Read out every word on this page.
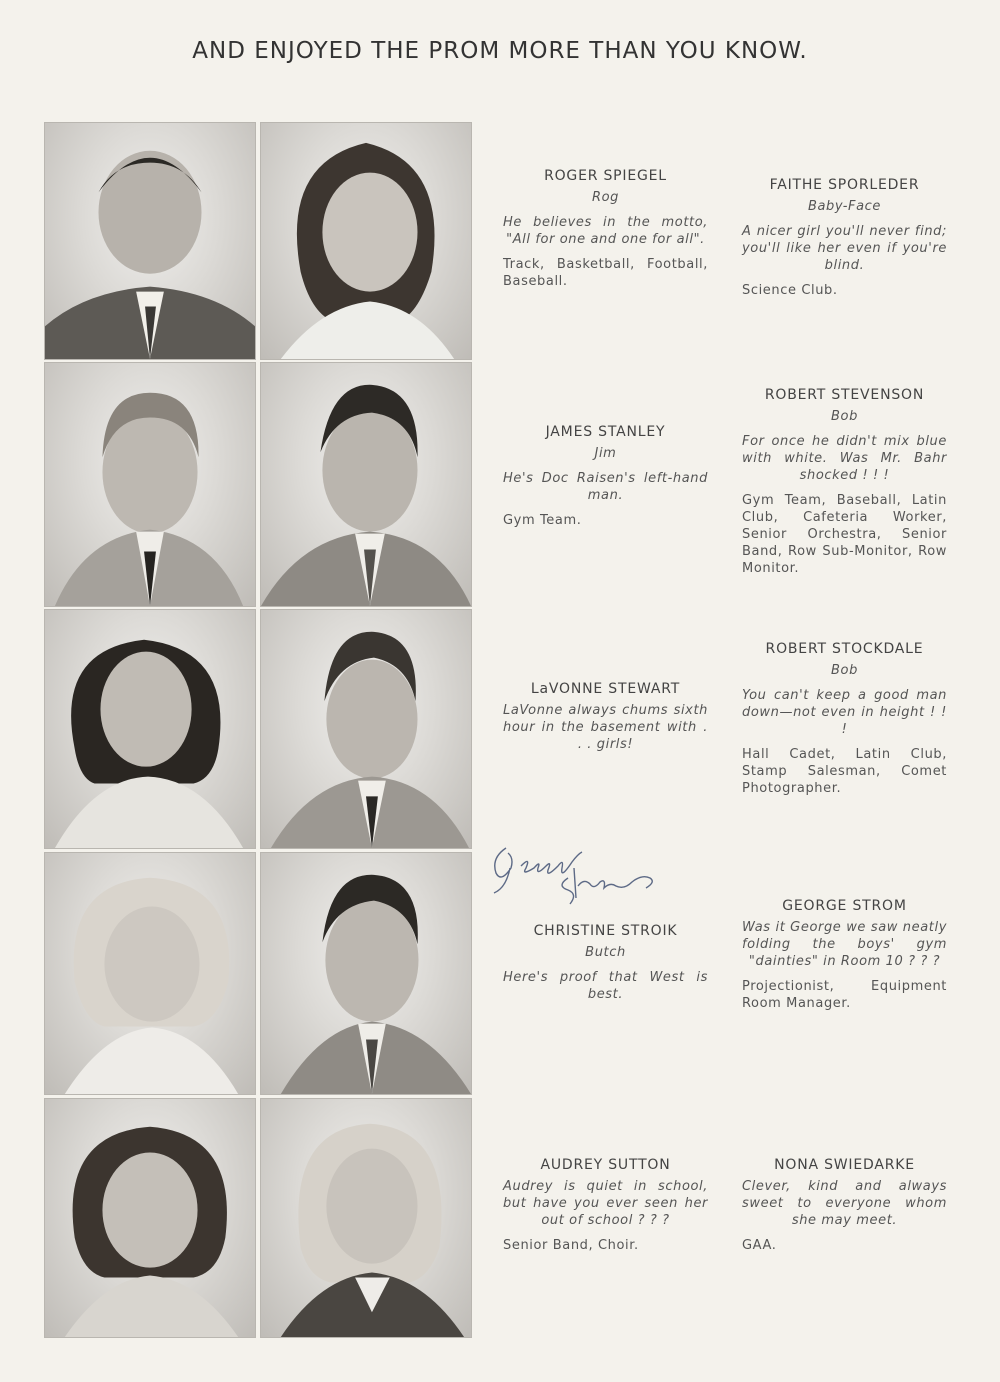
AND ENJOYED THE PROM MORE THAN YOU KNOW.
ROGER SPIEGEL
Rog
He believes in the motto, "All for one and one for all".
Track, Basketball, Football, Baseball.
FAITHE SPORLEDER
Baby-Face
A nicer girl you'll never find; you'll like her even if you're blind.
Science Club.
JAMES STANLEY
Jim
He's Doc Raisen's left-hand man.
Gym Team.
ROBERT STEVENSON
Bob
For once he didn't mix blue with white. Was Mr. Bahr shocked ! ! !
Gym Team, Baseball, Latin Club, Cafeteria Worker, Senior Orchestra, Senior Band, Row Sub-Monitor, Row Monitor.
LaVONNE STEWART
LaVonne always chums sixth hour in the basement with . . . girls!
ROBERT STOCKDALE
Bob
You can't keep a good man down—not even in height ! ! !
Hall Cadet, Latin Club, Stamp Salesman, Comet Photographer.
CHRISTINE STROIK
Butch
Here's proof that West is best.
GEORGE STROM
Was it George we saw neatly folding the boys' gym "dainties" in Room 10 ? ? ?
Projectionist, Equipment Room Manager.
AUDREY SUTTON
Audrey is quiet in school, but have you ever seen her out of school ? ? ?
Senior Band, Choir.
NONA SWIEDARKE
Clever, kind and always sweet to everyone whom she may meet.
GAA.
